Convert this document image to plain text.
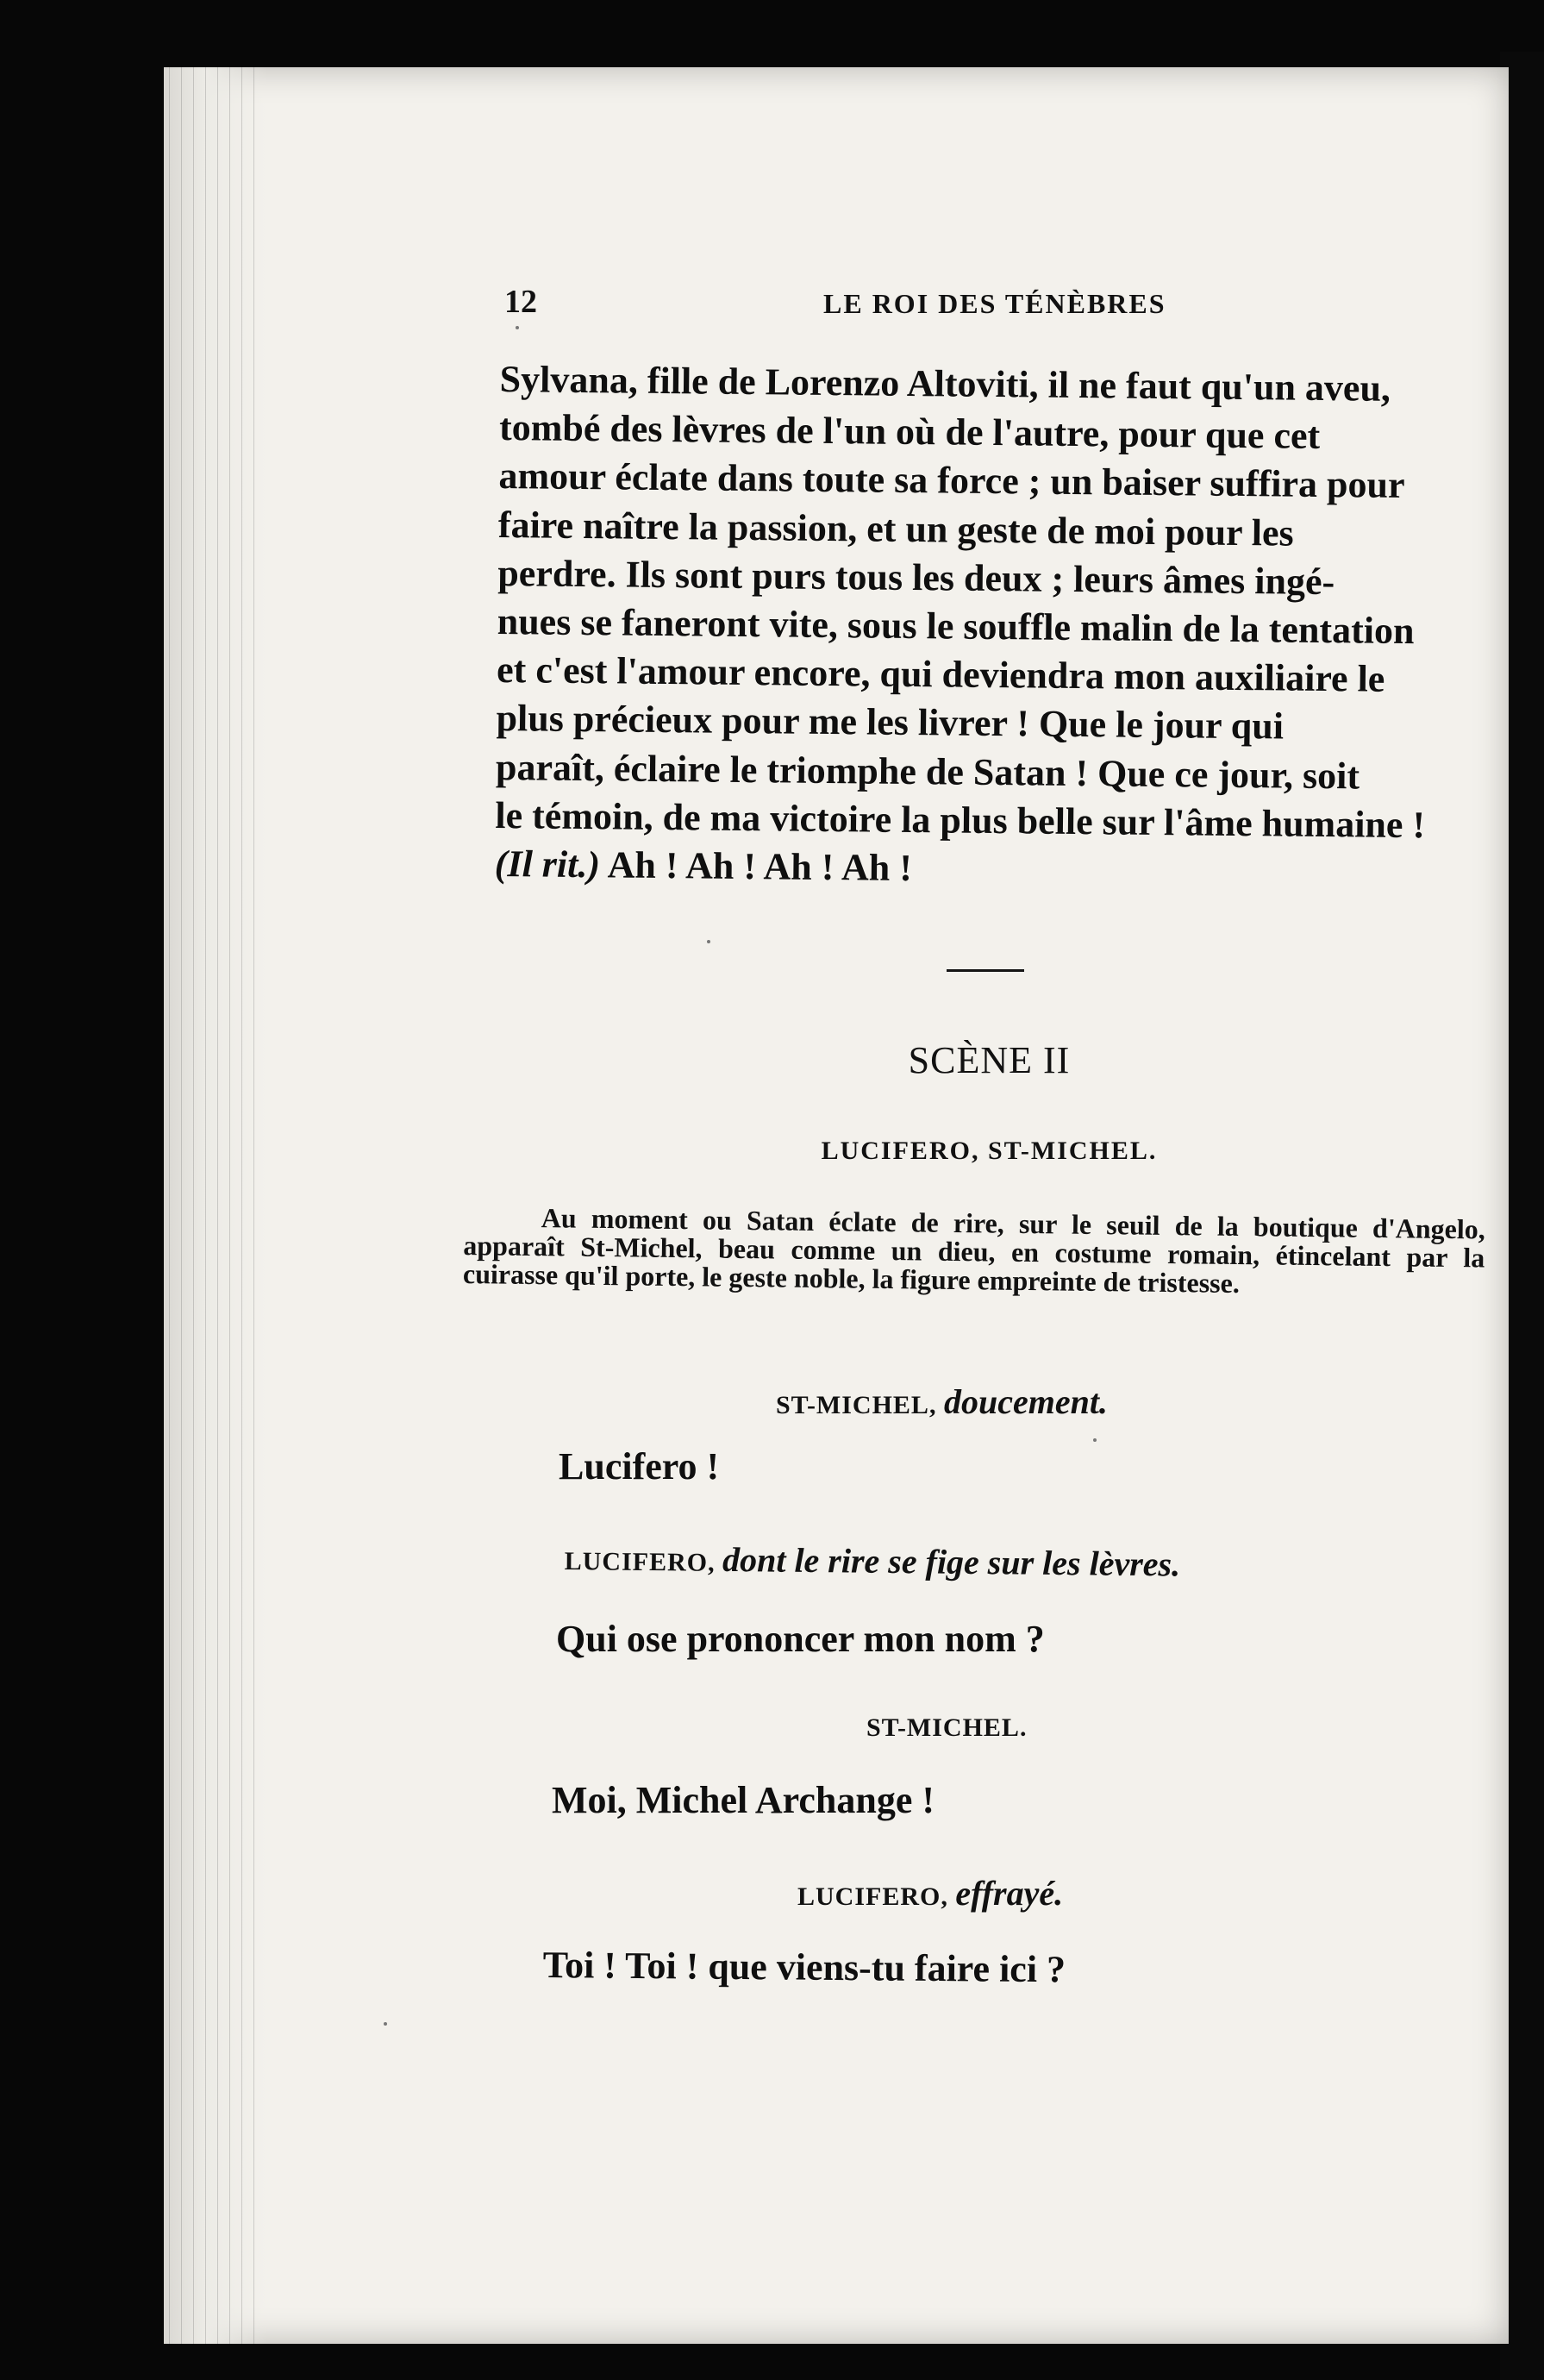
12	LE ROI DES TÉNÈBRES

Sylvana, fille de Lorenzo Altoviti, il ne faut qu'un aveu,

tombé des lèvres de l'un où de l'autre, pour que cet

amour éclate dans toute sa force ; un baiser suffira pour

faire naître la passion, et un geste de moi pour les

perdre. Ils sont purs tous les deux ; leurs âmes ingé-

nues se faneront vite, sous le souffle malin de la tentation

et c'est l'amour encore, qui deviendra mon auxiliaire le

plus précieux pour me les livrer ! Que le jour qui

paraît, éclaire le triomphe de Satan ! Que ce jour, soit

le témoin, de ma victoire la plus belle sur l'âme humaine !

(Il rit.) Ah ! Ah ! Ah ! Ah !

SCÈNE II
LUCIFERO, ST-MICHEL.
Au moment ou Satan éclate de rire, sur le seuil de la boutique d'Angelo, apparaît St-Michel, beau comme un dieu, en costume romain, étincelant par la cuirasse qu'il porte, le geste noble, la figure empreinte de tristesse.
ST-MICHEL, doucement.
Lucifero !
LUCIFERO, dont le rire se fige sur les lèvres.
Qui ose prononcer mon nom ?
ST-MICHEL.
Moi, Michel Archange !
LUCIFERO, effrayé.
Toi ! Toi ! que viens-tu faire ici ?
